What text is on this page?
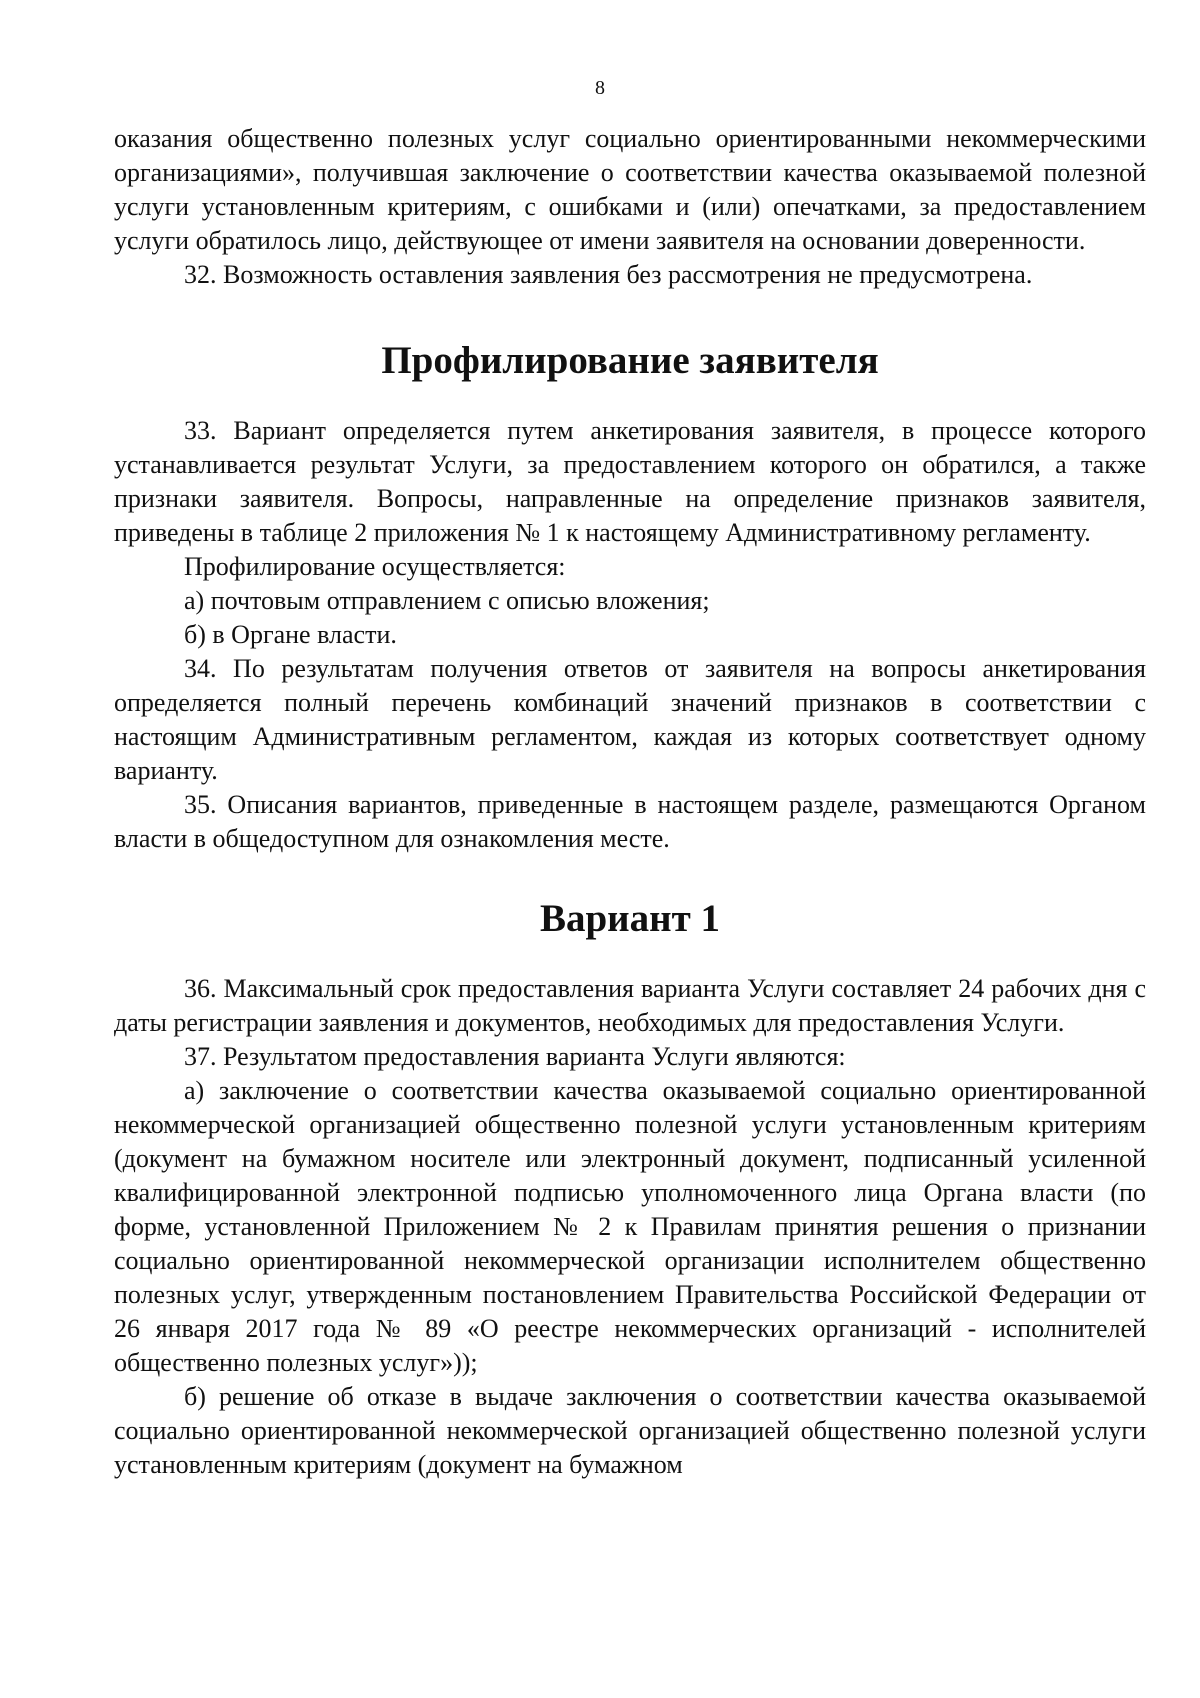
8

оказания общественно полезных услуг социально ориентированными некоммерческими организациями», получившая заключение о соответствии качества оказываемой полезной услуги установленным критериям, с ошибками и (или) опечатками, за предоставлением услуги обратилось лицо, действующее от имени заявителя на основании доверенности.

32. Возможность оставления заявления без рассмотрения не предусмотрена.

Профилирование заявителя

33. Вариант определяется путем анкетирования заявителя, в процессе которого устанавливается результат Услуги, за предоставлением которого он обратился, а также признаки заявителя. Вопросы, направленные на определение признаков заявителя, приведены в таблице 2 приложения № 1 к настоящему Административному регламенту.

Профилирование осуществляется:

а) почтовым отправлением с описью вложения;

б) в Органе власти.

34. По результатам получения ответов от заявителя на вопросы анкетирования определяется полный перечень комбинаций значений признаков в соответствии с настоящим Административным регламентом, каждая из которых соответствует одному варианту.

35. Описания вариантов, приведенные в настоящем разделе, размещаются Органом власти в общедоступном для ознакомления месте.

Вариант 1

36. Максимальный срок предоставления варианта Услуги составляет 24 рабочих дня с даты регистрации заявления и документов, необходимых для предоставления Услуги.

37. Результатом предоставления варианта Услуги являются:

а) заключение о соответствии качества оказываемой социально ориентированной некоммерческой организацией общественно полезной услуги установленным критериям (документ на бумажном носителе или электронный документ, подписанный усиленной квалифицированной электронной подписью уполномоченного лица Органа власти (по форме, установленной Приложением № 2 к Правилам принятия решения о признании социально ориентированной некоммерческой организации исполнителем общественно полезных услуг, утвержденным постановлением Правительства Российской Федерации от 26 января 2017 года № 89 «О реестре некоммерческих организаций - исполнителей общественно полезных услуг»));

б) решение об отказе в выдаче заключения о соответствии качества оказываемой социально ориентированной некоммерческой организацией общественно полезной услуги установленным критериям (документ на бумажном
